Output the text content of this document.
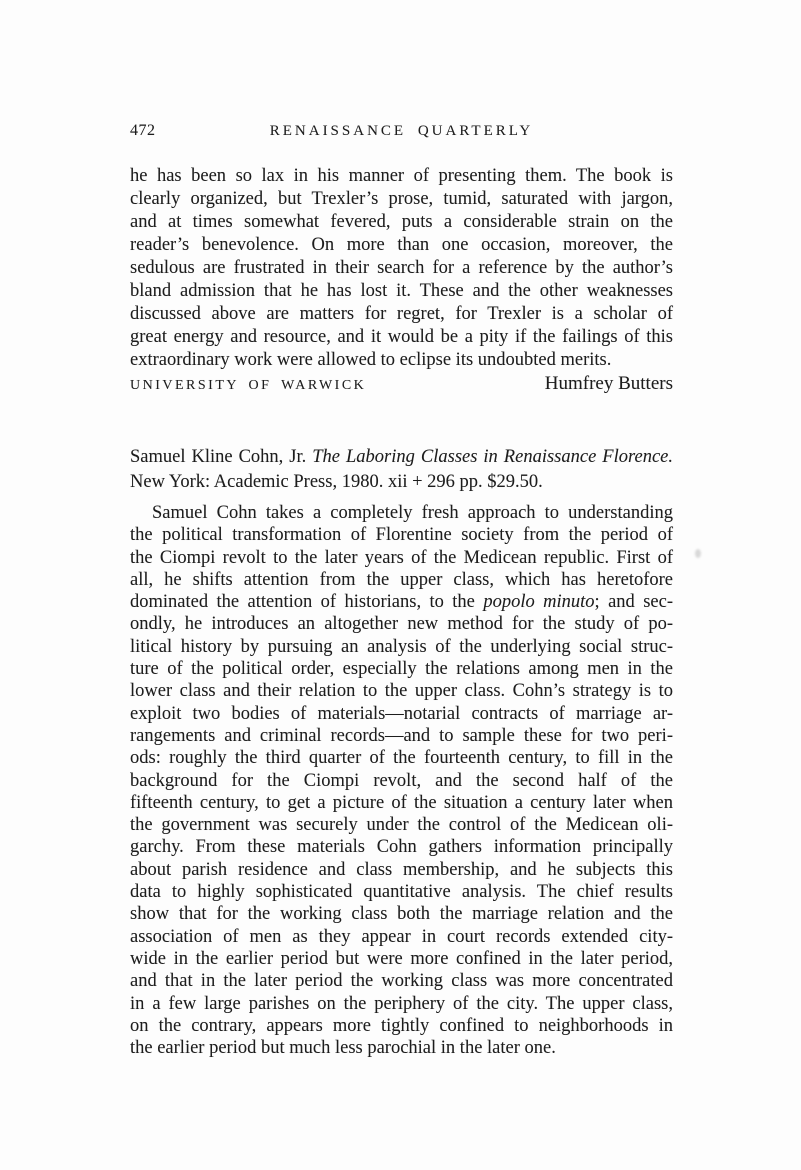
472	RENAISSANCE QUARTERLY
he has been so lax in his manner of presenting them. The book is
clearly organized, but Trexler’s prose, tumid, saturated with jargon,
and at times somewhat fevered, puts a considerable strain on the
reader’s benevolence. On more than one occasion, moreover, the
sedulous are frustrated in their search for a reference by the author’s
bland admission that he has lost it. These and the other weaknesses
discussed above are matters for regret, for Trexler is a scholar of
great energy and resource, and it would be a pity if the failings of this
extraordinary work were allowed to eclipse its undoubted merits.
UNIVERSITY OF WARWICK	Humfrey Butters
Samuel Kline Cohn, Jr. The Laboring Classes in Renaissance Florence.
New York: Academic Press, 1980. xii + 296 pp. $29.50.
Samuel Cohn takes a completely fresh approach to understanding
the political transformation of Florentine society from the period of
the Ciompi revolt to the later years of the Medicean republic. First of
all, he shifts attention from the upper class, which has heretofore
dominated the attention of historians, to the popolo minuto; and sec-
ondly, he introduces an altogether new method for the study of po-
litical history by pursuing an analysis of the underlying social struc-
ture of the political order, especially the relations among men in the
lower class and their relation to the upper class. Cohn’s strategy is to
exploit two bodies of materials—notarial contracts of marriage ar-
rangements and criminal records—and to sample these for two peri-
ods: roughly the third quarter of the fourteenth century, to fill in the
background for the Ciompi revolt, and the second half of the
fifteenth century, to get a picture of the situation a century later when
the government was securely under the control of the Medicean oli-
garchy. From these materials Cohn gathers information principally
about parish residence and class membership, and he subjects this
data to highly sophisticated quantitative analysis. The chief results
show that for the working class both the marriage relation and the
association of men as they appear in court records extended city-
wide in the earlier period but were more confined in the later period,
and that in the later period the working class was more concentrated
in a few large parishes on the periphery of the city. The upper class,
on the contrary, appears more tightly confined to neighborhoods in
the earlier period but much less parochial in the later one.
